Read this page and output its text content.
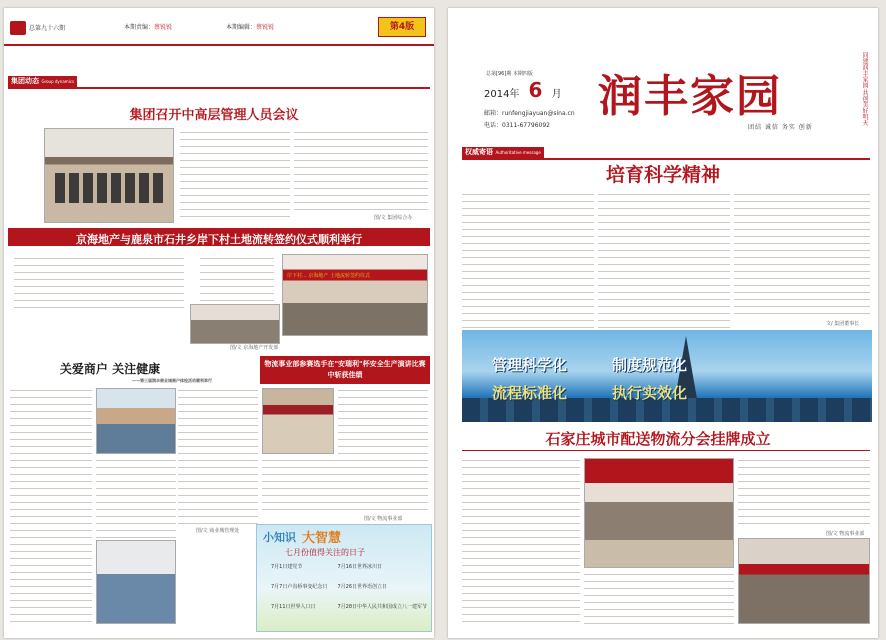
总第九十六期	本期责编：蔡锐锐	本期编辑：蔡锐锐	第4版
集团动态 Group dynamics
集团召开中高层管理人员会议
图/文 集团综合办
京海地产与鹿泉市石井乡岸下村土地流转签约仪式顺利举行
岸下村... 京海地产 土地流转签约仪式
图/文 京海地产开发部
关爱商户 关注健康
——第三届润丰商业城商户体检活动顺利举行
图/文 商业城管理处
物流事业部参赛选手在"安瑞利"杯安全生产演讲比赛中斩获佳绩
图/文 物流事业部
小知识 大智慧
七月份值得关注的日子
7月1日建党节	7月16日世界冰川日
7月7日卢沟桥事变纪念日	7月26日世界语创立日
7月11日世界人口日	7月28日中华人民共和国成立八一建军节
总第[96]期 本期四版
2014年 6 月
邮箱：runfengjiayuan@sina.cn
电话：0311-67796092
润丰家园	同建润丰家园 共创美好明天
团结 诚信 务实 创新
权威寄语 Authoritative message
培育科学精神
文/ 集团董事长
管理科学化	制度规范化
流程标准化	执行实效化
石家庄城市配送物流分会挂牌成立
图/文 物流事业部
